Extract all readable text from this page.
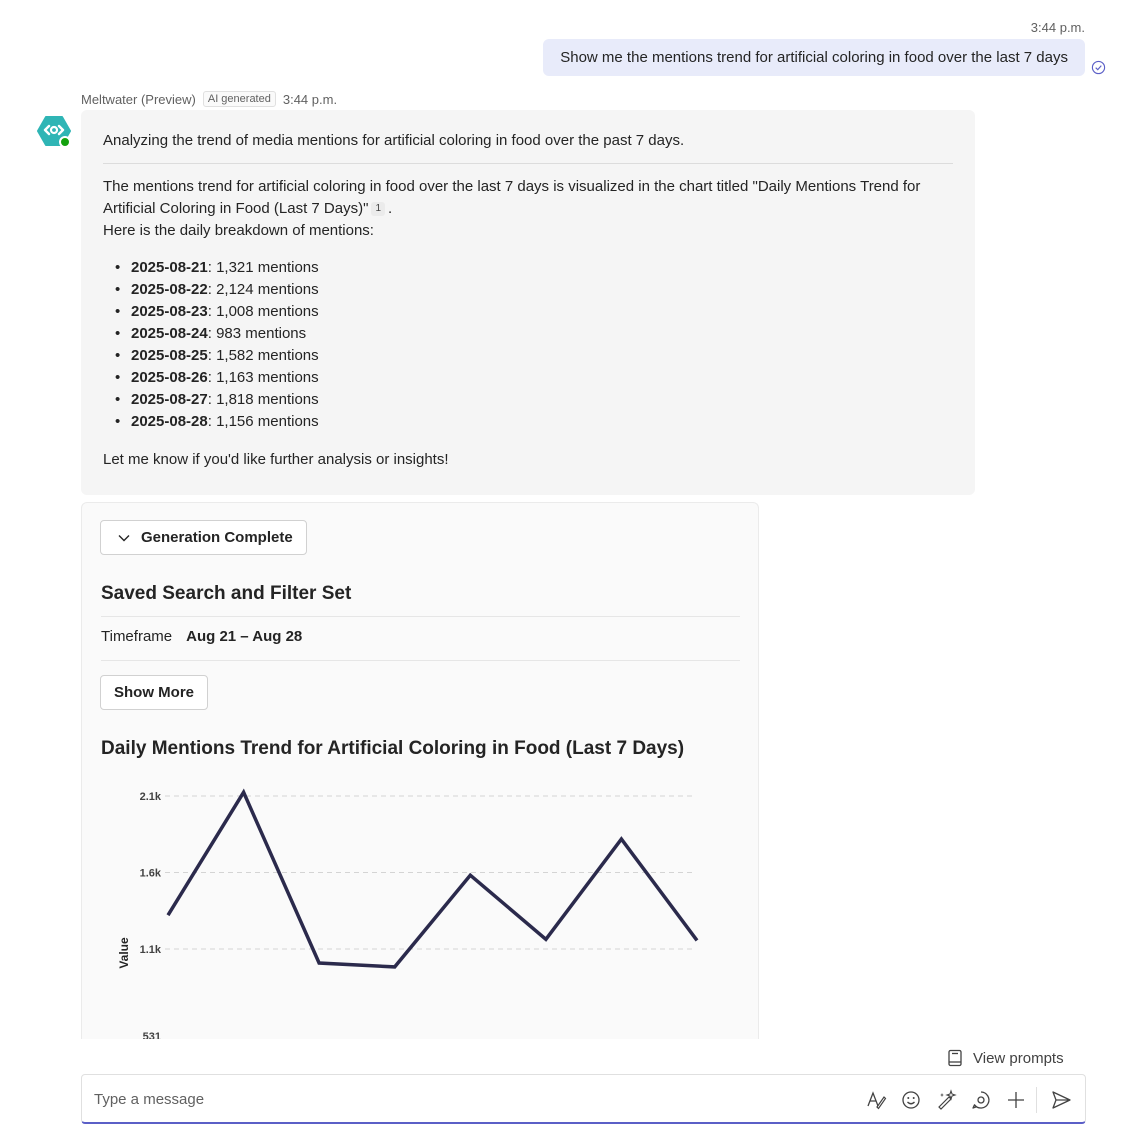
3:44 p.m.
Show me the mentions trend for artificial coloring in food over the last 7 days
Meltwater (Preview)	AI generated 3:44 p.m.
Analyzing the trend of media mentions for artificial coloring in food over the past 7 days.
The mentions trend for artificial coloring in food over the last 7 days is visualized in the chart titled "Daily Mentions Trend for Artificial Coloring in Food (Last 7 Days)" 1 .
Here is the daily breakdown of mentions:
• 2025-08-21: 1,321 mentions
• 2025-08-22: 2,124 mentions
• 2025-08-23: 1,008 mentions
• 2025-08-24: 983 mentions
• 2025-08-25: 1,582 mentions
• 2025-08-26: 1,163 mentions
• 2025-08-27: 1,818 mentions
• 2025-08-28: 1,156 mentions
Let me know if you'd like further analysis or insights!
Generation Complete
Saved Search and Filter Set
Timeframe Aug 21 – Aug 28
Show More
Daily Mentions Trend for Artificial Coloring in Food (Last 7 Days)
2.1k
1.6k
1.1k
531
Value
View prompts
Type a message
